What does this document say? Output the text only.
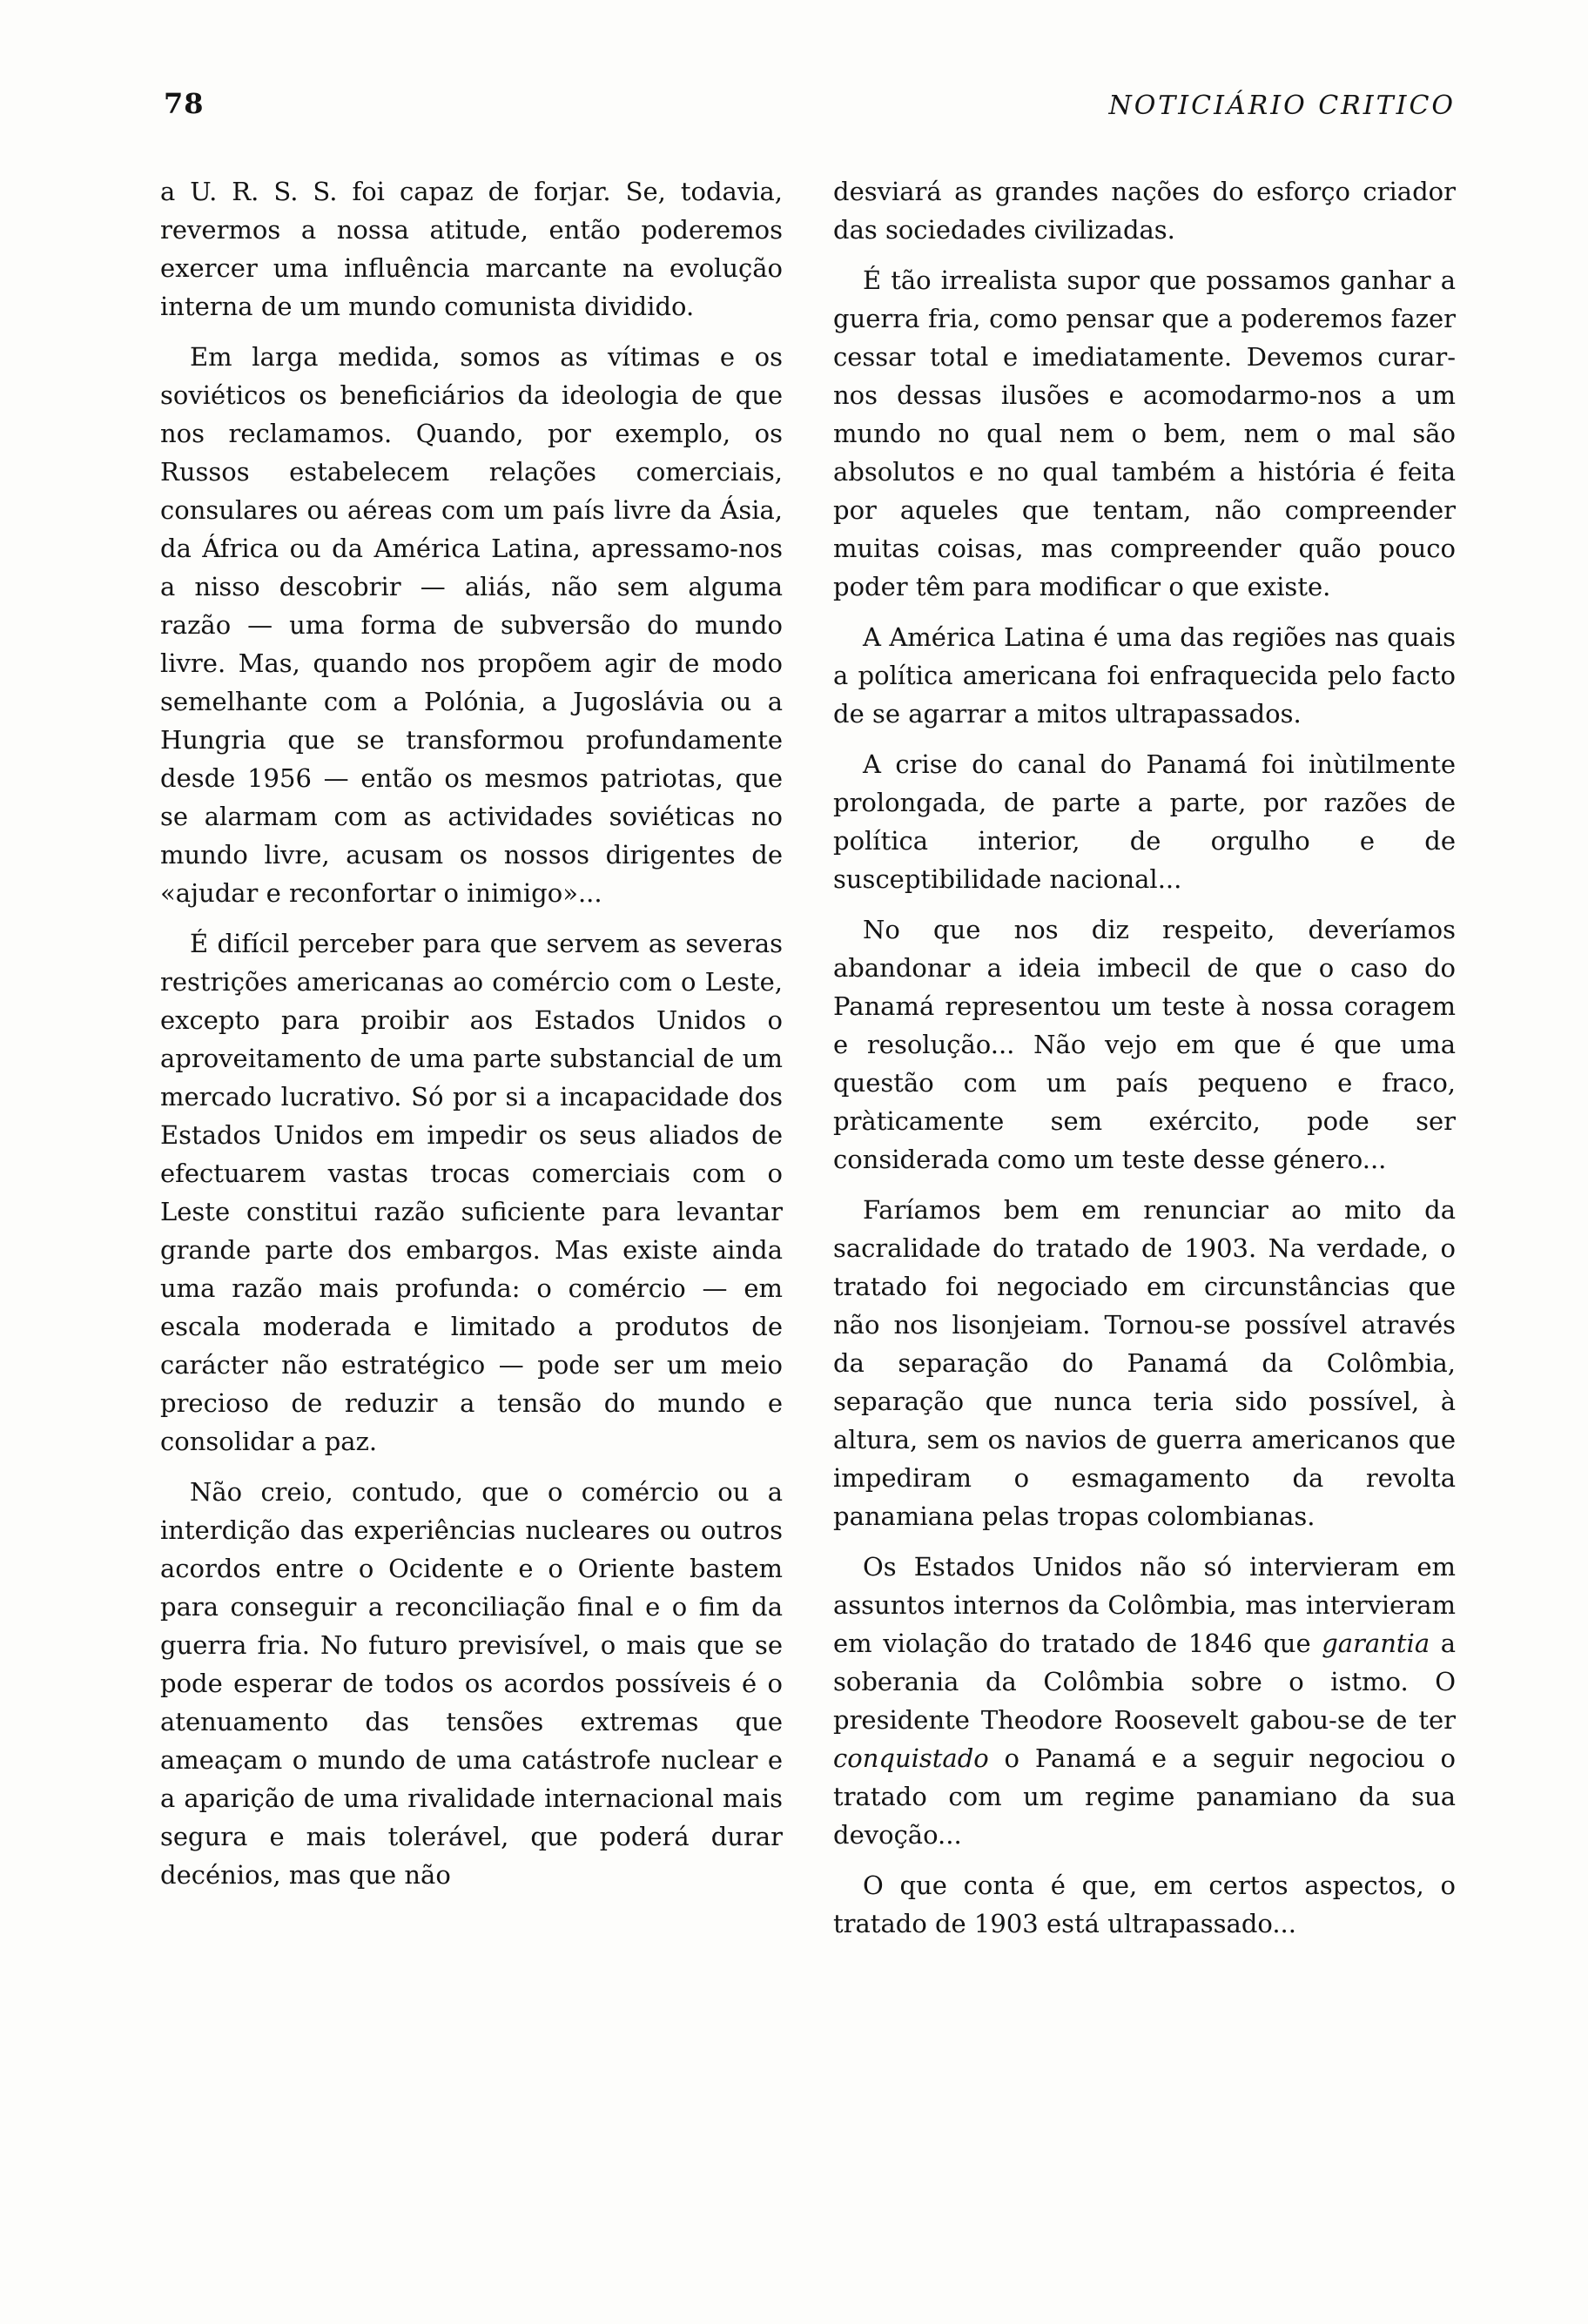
78	NOTICIÁRIO CRITICO

a U. R. S. S. foi capaz de forjar. Se, todavia, revermos a nossa atitude, então poderemos exercer uma influência marcante na evolução interna de um mundo comunista dividido.

Em larga medida, somos as vítimas e os soviéticos os beneficiários da ideologia de que nos reclamamos. Quando, por exemplo, os Russos estabelecem relações comerciais, consulares ou aéreas com um país livre da Ásia, da África ou da América Latina, apressamo-nos a nisso descobrir — aliás, não sem alguma razão — uma forma de subversão do mundo livre. Mas, quando nos propõem agir de modo semelhante com a Polónia, a Jugoslávia ou a Hungria que se transformou profundamente desde 1956 — então os mesmos patriotas, que se alarmam com as actividades soviéticas no mundo livre, acusam os nossos dirigentes de «ajudar e reconfortar o inimigo»...

É difícil perceber para que servem as severas restrições americanas ao comércio com o Leste, excepto para proibir aos Estados Unidos o aproveitamento de uma parte substancial de um mercado lucrativo. Só por si a incapacidade dos Estados Unidos em impedir os seus aliados de efectuarem vastas trocas comerciais com o Leste constitui razão suficiente para levantar grande parte dos embargos. Mas existe ainda uma razão mais profunda: o comércio — em escala moderada e limitado a produtos de carácter não estratégico — pode ser um meio precioso de reduzir a tensão do mundo e consolidar a paz.

Não creio, contudo, que o comércio ou a interdição das experiências nucleares ou outros acordos entre o Ocidente e o Oriente bastem para conseguir a reconciliação final e o fim da guerra fria. No futuro previsível, o mais que se pode esperar de todos os acordos possíveis é o atenuamento das tensões extremas que ameaçam o mundo de uma catástrofe nuclear e a aparição de uma rivalidade internacional mais segura e mais tolerável, que poderá durar decénios, mas que não

desviará as grandes nações do esforço criador das sociedades civilizadas.

É tão irrealista supor que possamos ganhar a guerra fria, como pensar que a poderemos fazer cessar total e imediatamente. Devemos curar-nos dessas ilusões e acomodarmo-nos a um mundo no qual nem o bem, nem o mal são absolutos e no qual também a história é feita por aqueles que tentam, não compreender muitas coisas, mas compreender quão pouco poder têm para modificar o que existe.

A América Latina é uma das regiões nas quais a política americana foi enfraquecida pelo facto de se agarrar a mitos ultrapassados.

A crise do canal do Panamá foi inùtilmente prolongada, de parte a parte, por razões de política interior, de orgulho e de susceptibilidade nacional...

No que nos diz respeito, deveríamos abandonar a ideia imbecil de que o caso do Panamá representou um teste à nossa coragem e resolução... Não vejo em que é que uma questão com um país pequeno e fraco, pràticamente sem exército, pode ser considerada como um teste desse género...

Faríamos bem em renunciar ao mito da sacralidade do tratado de 1903. Na verdade, o tratado foi negociado em circunstâncias que não nos lisonjeiam. Tornou-se possível através da separação do Panamá da Colômbia, separação que nunca teria sido possível, à altura, sem os navios de guerra americanos que impediram o esmagamento da revolta panamiana pelas tropas colombianas.

Os Estados Unidos não só intervieram em assuntos internos da Colômbia, mas intervieram em violação do tratado de 1846 que garantia a soberania da Colômbia sobre o istmo. O presidente Theodore Roosevelt gabou-se de ter conquistado o Panamá e a seguir negociou o tratado com um regime panamiano da sua devoção...

O que conta é que, em certos aspectos, o tratado de 1903 está ultrapassado...
